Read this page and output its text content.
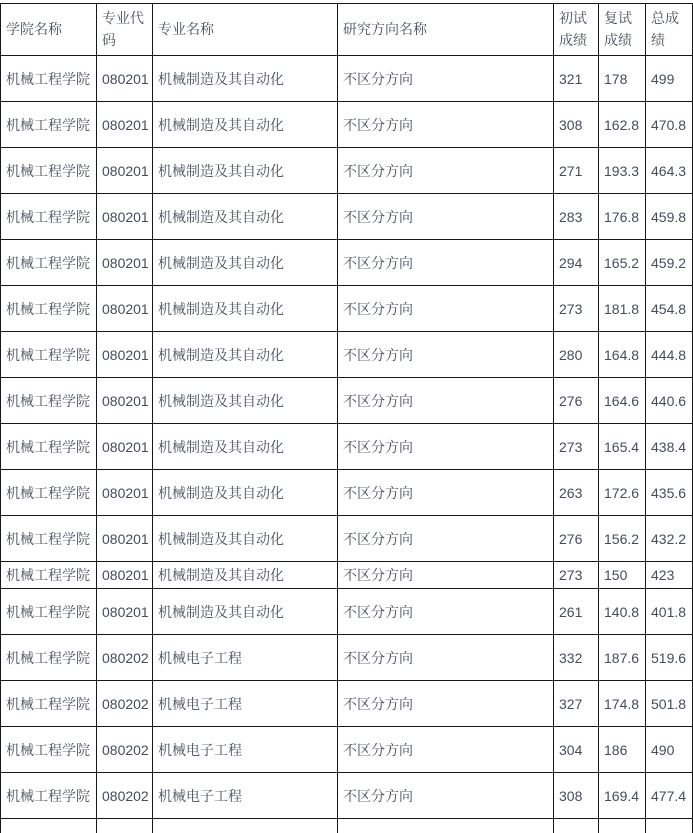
学院名称	专业代码	专业名称	研究方向名称	初试成绩	复试成绩	总成绩
机械工程学院	080201	机械制造及其自动化	不区分方向	321	178	499
机械工程学院	080201	机械制造及其自动化	不区分方向	308	162.8	470.8
机械工程学院	080201	机械制造及其自动化	不区分方向	271	193.3	464.3
机械工程学院	080201	机械制造及其自动化	不区分方向	283	176.8	459.8
机械工程学院	080201	机械制造及其自动化	不区分方向	294	165.2	459.2
机械工程学院	080201	机械制造及其自动化	不区分方向	273	181.8	454.8
机械工程学院	080201	机械制造及其自动化	不区分方向	280	164.8	444.8
机械工程学院	080201	机械制造及其自动化	不区分方向	276	164.6	440.6
机械工程学院	080201	机械制造及其自动化	不区分方向	273	165.4	438.4
机械工程学院	080201	机械制造及其自动化	不区分方向	263	172.6	435.6
机械工程学院	080201	机械制造及其自动化	不区分方向	276	156.2	432.2
机械工程学院	080201	机械制造及其自动化	不区分方向	273	150	423
机械工程学院	080201	机械制造及其自动化	不区分方向	261	140.8	401.8
机械工程学院	080202	机械电子工程	不区分方向	332	187.6	519.6
机械工程学院	080202	机械电子工程	不区分方向	327	174.8	501.8
机械工程学院	080202	机械电子工程	不区分方向	304	186	490
机械工程学院	080202	机械电子工程	不区分方向	308	169.4	477.4
